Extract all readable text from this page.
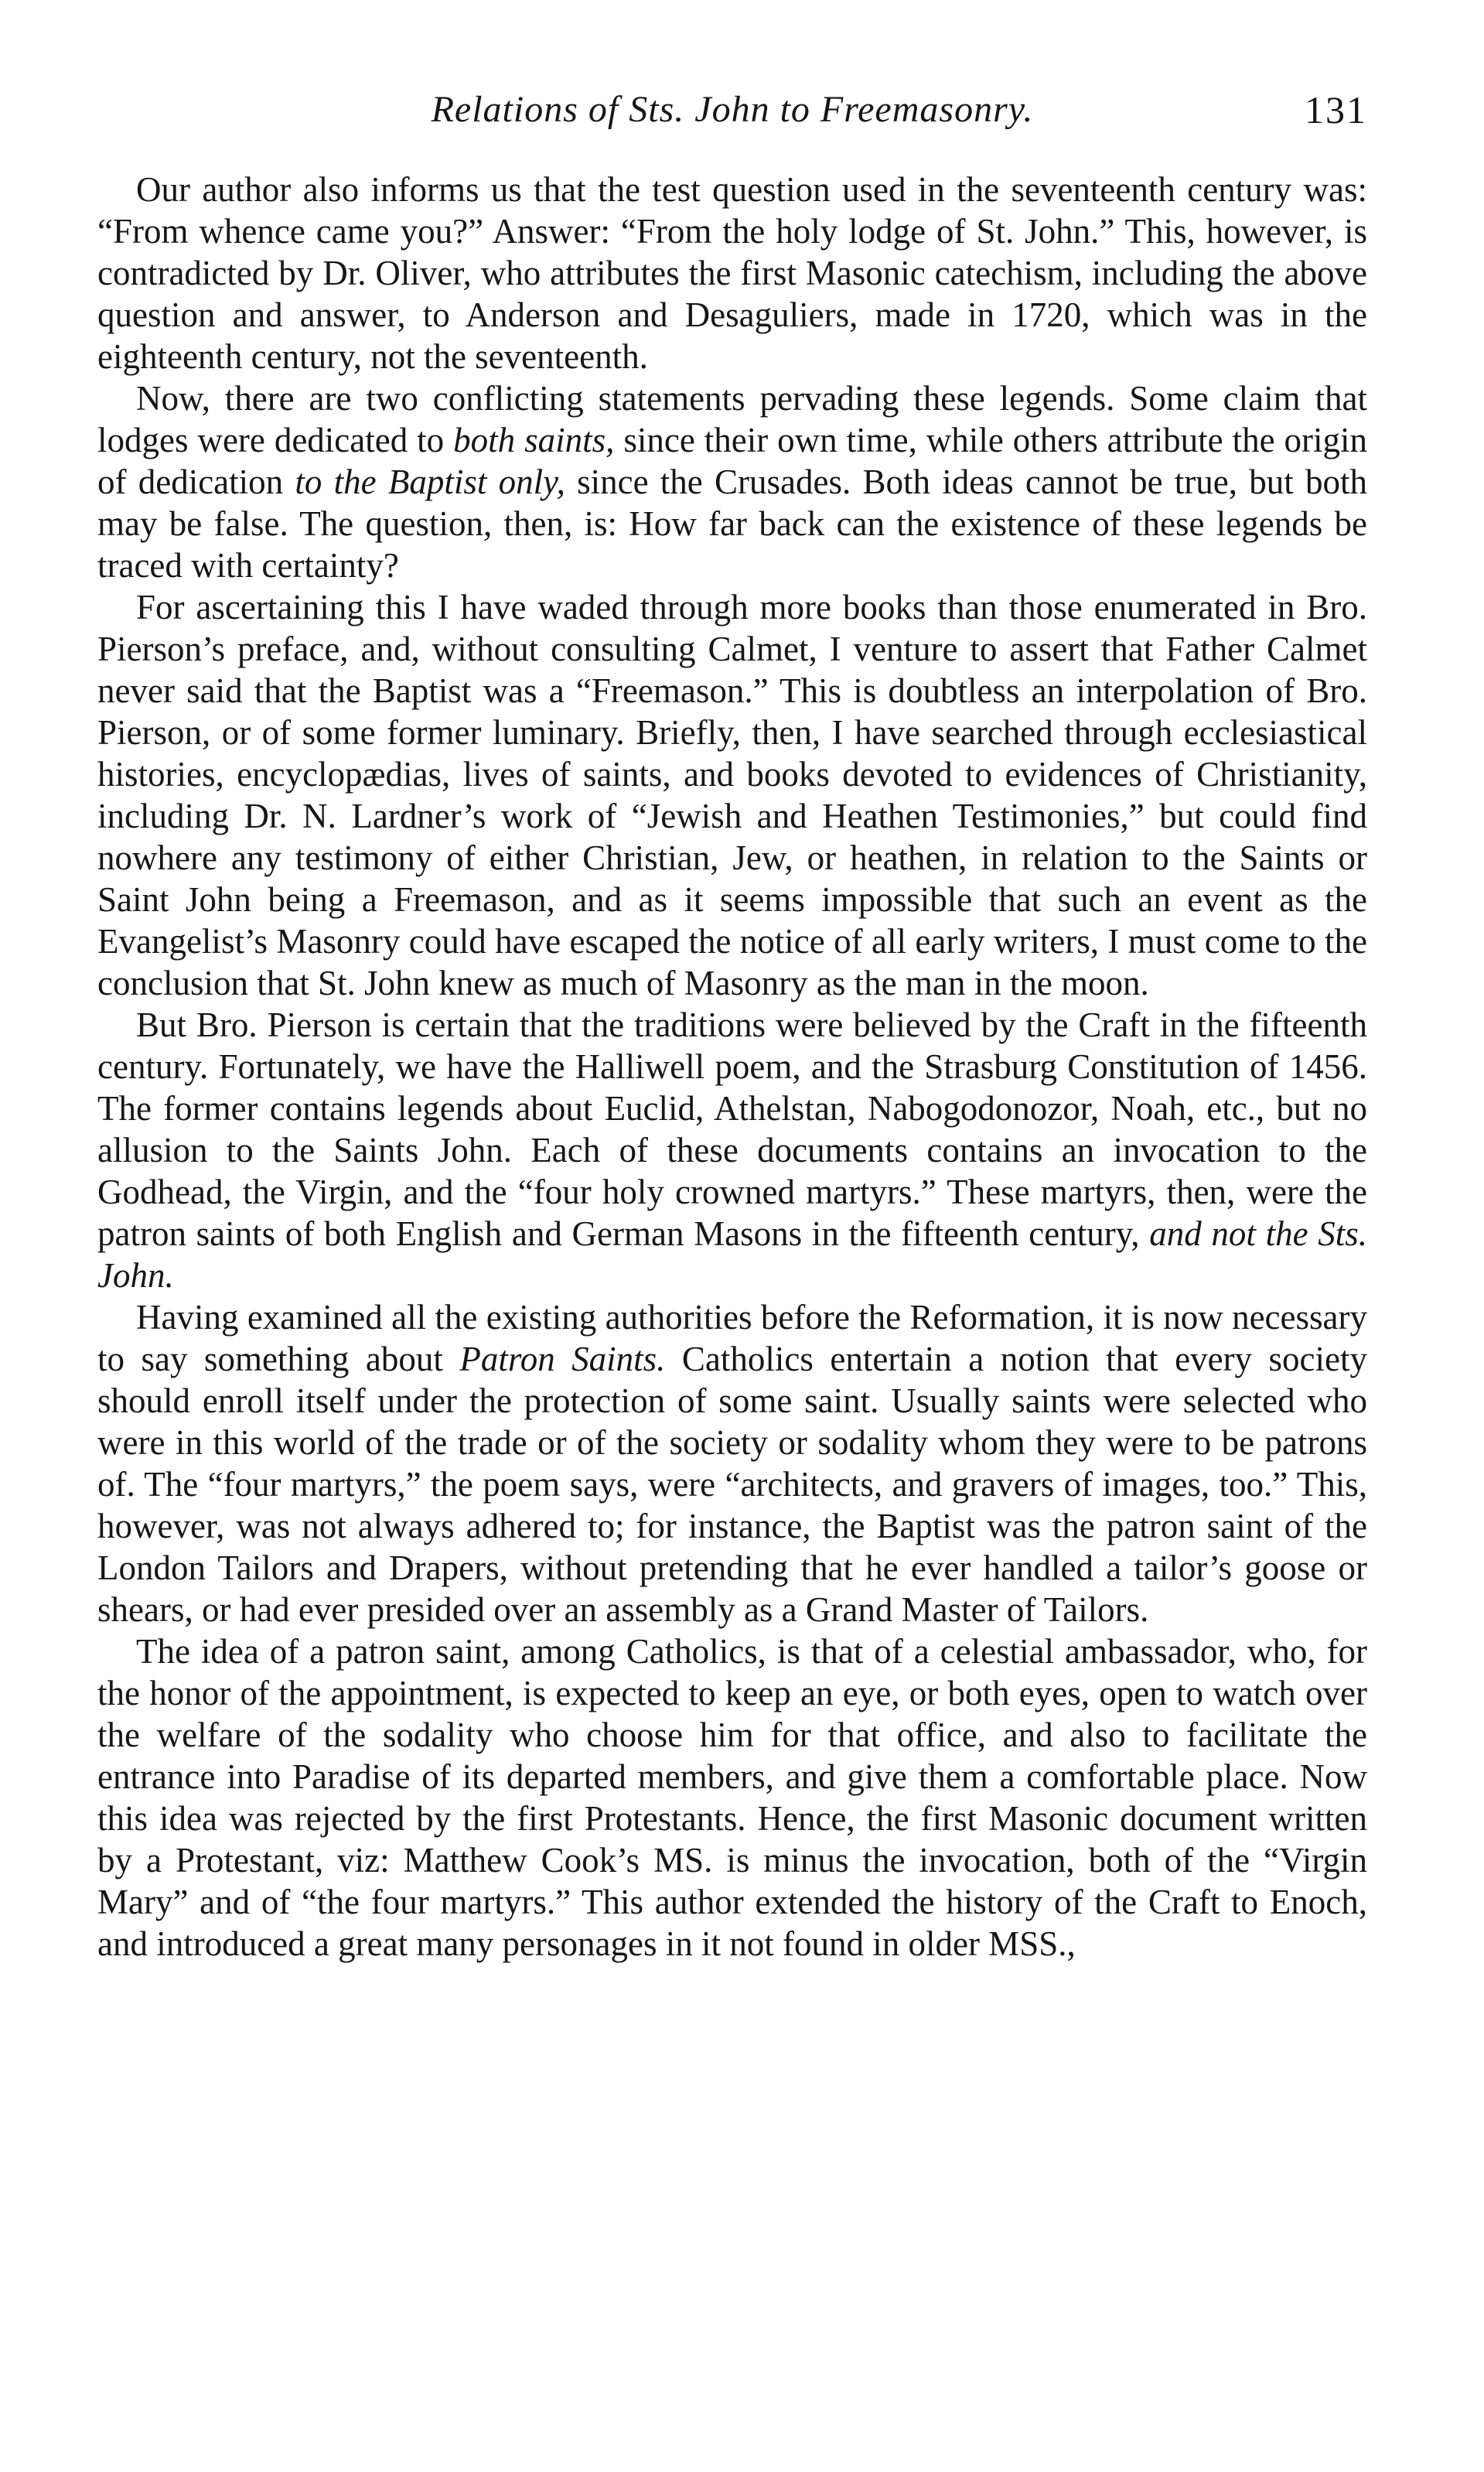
Relations of Sts. John to Freemasonry.	131

Our author also informs us that the test question used in the seventeenth century was: “From whence came you?” Answer: “From the holy lodge of St. John.” This, however, is contradicted by Dr. Oliver, who attributes the first Masonic catechism, including the above question and answer, to Anderson and Desaguliers, made in 1720, which was in the eighteenth century, not the seventeenth.

Now, there are two conflicting statements pervading these legends. Some claim that lodges were dedicated to both saints, since their own time, while others attribute the origin of dedication to the Baptist only, since the Crusades. Both ideas cannot be true, but both may be false. The question, then, is: How far back can the existence of these legends be traced with certainty?

For ascertaining this I have waded through more books than those enumerated in Bro. Pierson’s preface, and, without consulting Calmet, I venture to assert that Father Calmet never said that the Baptist was a “Freemason.” This is doubtless an interpolation of Bro. Pierson, or of some former luminary. Briefly, then, I have searched through ecclesiastical histories, encyclopædias, lives of saints, and books devoted to evidences of Christianity, including Dr. N. Lardner’s work of “Jewish and Heathen Testimonies,” but could find nowhere any testimony of either Christian, Jew, or heathen, in relation to the Saints or Saint John being a Freemason, and as it seems impossible that such an event as the Evangelist’s Masonry could have escaped the notice of all early writers, I must come to the conclusion that St. John knew as much of Masonry as the man in the moon.

But Bro. Pierson is certain that the traditions were believed by the Craft in the fifteenth century. Fortunately, we have the Halliwell poem, and the Strasburg Constitution of 1456. The former contains legends about Euclid, Athelstan, Nabogodonozor, Noah, etc., but no allusion to the Saints John. Each of these documents contains an invocation to the Godhead, the Virgin, and the “four holy crowned martyrs.” These martyrs, then, were the patron saints of both English and German Masons in the fifteenth century, and not the Sts. John.

Having examined all the existing authorities before the Reformation, it is now necessary to say something about Patron Saints. Catholics entertain a notion that every society should enroll itself under the protection of some saint. Usually saints were selected who were in this world of the trade or of the society or sodality whom they were to be patrons of. The “four martyrs,” the poem says, were “architects, and gravers of images, too.” This, however, was not always adhered to; for instance, the Baptist was the patron saint of the London Tailors and Drapers, without pretending that he ever handled a tailor’s goose or shears, or had ever presided over an assembly as a Grand Master of Tailors.

The idea of a patron saint, among Catholics, is that of a celestial ambassador, who, for the honor of the appointment, is expected to keep an eye, or both eyes, open to watch over the welfare of the sodality who choose him for that office, and also to facilitate the entrance into Paradise of its departed members, and give them a comfortable place. Now this idea was rejected by the first Protestants. Hence, the first Masonic document written by a Protestant, viz: Matthew Cook’s MS. is minus the invocation, both of the “Virgin Mary” and of “the four martyrs.” This author extended the history of the Craft to Enoch, and introduced a great many personages in it not found in older MSS.,
